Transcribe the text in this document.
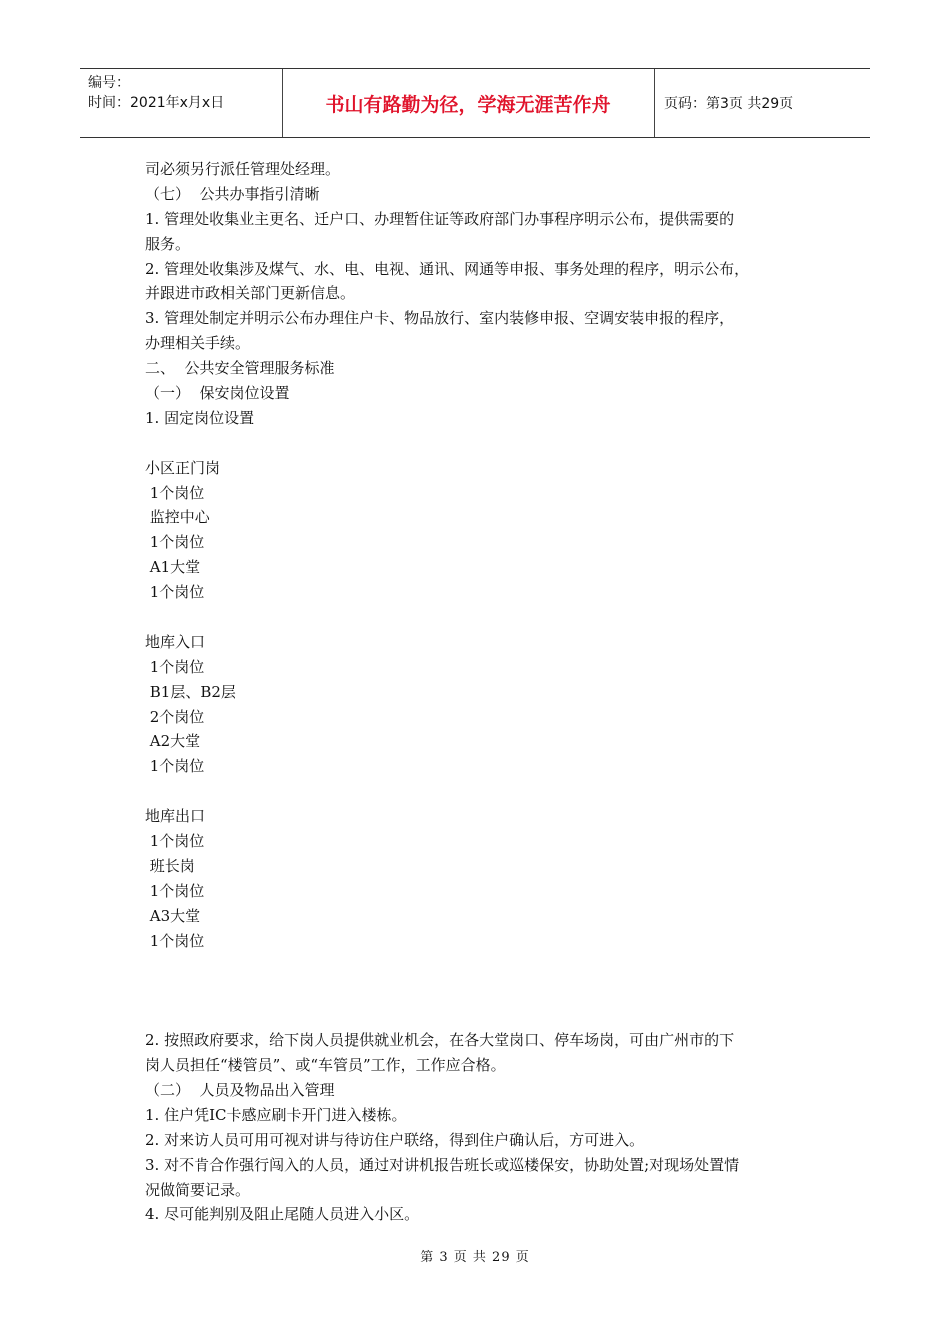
编号：
时间：2021年x月x日	书山有路勤为径，学海无涯苦作舟	页码：第3页 共29页
司必须另行派任管理处经理。
（七）  公共办事指引清晰
1. 管理处收集业主更名、迁户口、办理暂住证等政府部门办事程序明示公布，提供需要的
服务。
2. 管理处收集涉及煤气、水、电、电视、通讯、网通等申报、事务处理的程序，明示公布，
并跟进市政相关部门更新信息。
3. 管理处制定并明示公布办理住户卡、物品放行、室内装修申报、空调安装申报的程序，
办理相关手续。
二、  公共安全管理服务标准
（一）  保安岗位设置
1. 固定岗位设置
小区正门岗
1个岗位
监控中心
1个岗位
A1大堂
1个岗位
地库入口
1个岗位
B1层、B2层
2个岗位
A2大堂
1个岗位
地库出口
1个岗位
班长岗
1个岗位
A3大堂
1个岗位
2. 按照政府要求，给下岗人员提供就业机会，在各大堂岗口、停车场岗，可由广州市的下
岗人员担任“楼管员”、或“车管员”工作，工作应合格。
（二）  人员及物品出入管理
1. 住户凭IC卡感应刷卡开门进入楼栋。
2. 对来访人员可用可视对讲与待访住户联络，得到住户确认后，方可进入。
3. 对不肯合作强行闯入的人员，通过对讲机报告班长或巡楼保安，协助处置;对现场处置情
况做简要记录。
4. 尽可能判别及阻止尾随人员进入小区。
第 3 页 共 29 页
